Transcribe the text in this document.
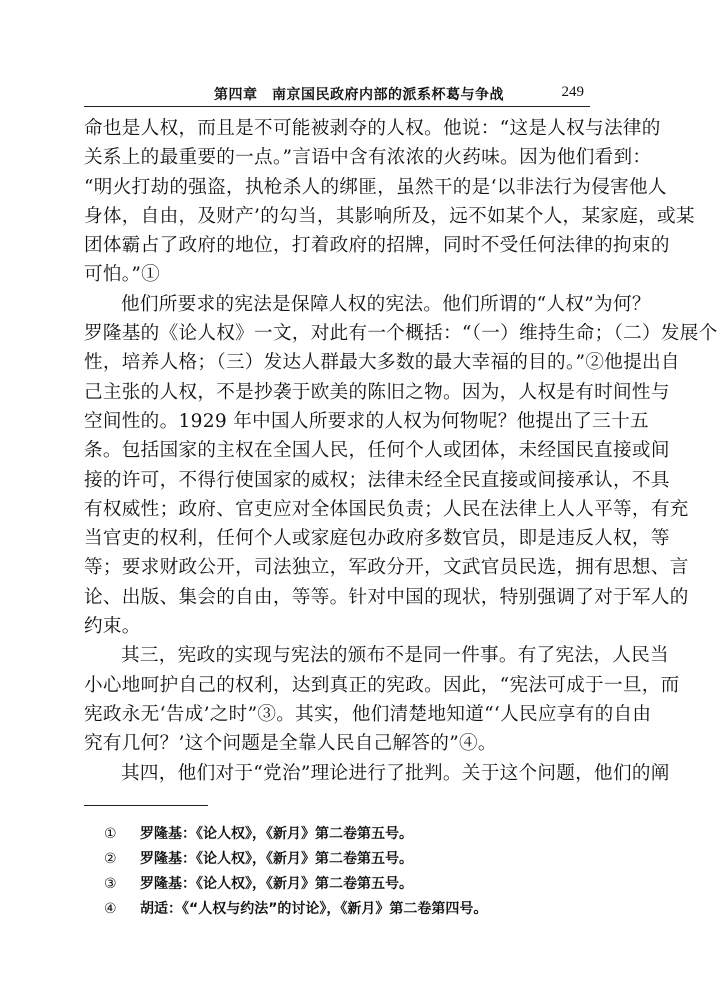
第四章　南京国民政府内部的派系杯葛与争战	249
命也是人权，而且是不可能被剥夺的人权。他说：“这是人权与法律的
关系上的最重要的一点。”言语中含有浓浓的火药味。因为他们看到：
“明火打劫的强盗，执枪杀人的绑匪，虽然干的是‘以非法行为侵害他人
身体，自由，及财产’的勾当，其影响所及，远不如某个人，某家庭，或某
团体霸占了政府的地位，打着政府的招牌，同时不受任何法律的拘束的
可怕。”①
他们所要求的宪法是保障人权的宪法。他们所谓的“人权”为何？
罗隆基的《论人权》一文，对此有一个概括：“（一）维持生命；（二）发展个
性，培养人格；（三）发达人群最大多数的最大幸福的目的。”②他提出自
己主张的人权，不是抄袭于欧美的陈旧之物。因为，人权是有时间性与
空间性的。1929 年中国人所要求的人权为何物呢？他提出了三十五
条。包括国家的主权在全国人民，任何个人或团体，未经国民直接或间
接的许可，不得行使国家的威权；法律未经全民直接或间接承认，不具
有权威性；政府、官吏应对全体国民负责；人民在法律上人人平等，有充
当官吏的权利，任何个人或家庭包办政府多数官员，即是违反人权，等
等；要求财政公开，司法独立，军政分开，文武官员民选，拥有思想、言
论、出版、集会的自由，等等。针对中国的现状，特别强调了对于军人的
约束。
其三，宪政的实现与宪法的颁布不是同一件事。有了宪法，人民当
小心地呵护自己的权利，达到真正的宪政。因此，“宪法可成于一旦，而
宪政永无‘告成’之时”③。其实，他们清楚地知道“‘人民应享有的自由
究有几何？’这个问题是全靠人民自己解答的”④。
其四，他们对于“党治”理论进行了批判。关于这个问题，他们的阐
① 罗隆基：《论人权》，《新月》第二卷第五号。
② 罗隆基：《论人权》，《新月》第二卷第五号。
③ 罗隆基：《论人权》，《新月》第二卷第五号。
④ 胡适：《“人权与约法”的讨论》，《新月》第二卷第四号。
